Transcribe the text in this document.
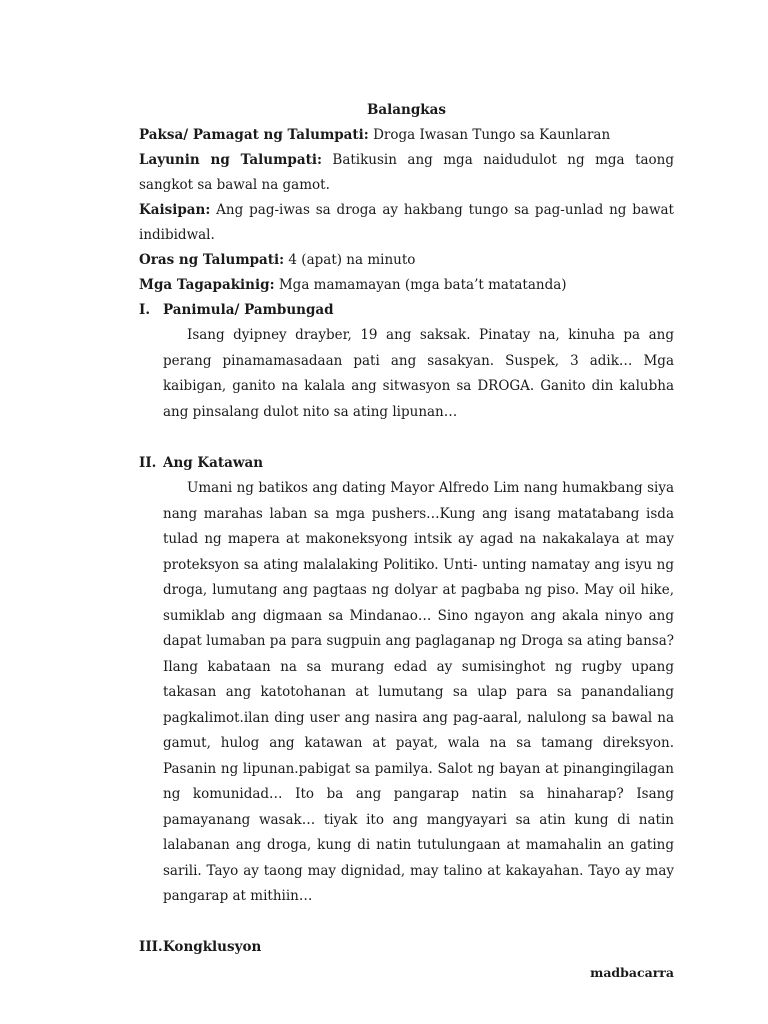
Balangkas

Paksa/ Pamagat ng Talumpati: Droga Iwasan Tungo sa Kaunlaran

Layunin ng Talumpati: Batikusin ang mga naidudulot ng mga taong sangkot sa bawal na gamot.

Kaisipan: Ang pag-iwas sa droga ay hakbang tungo sa pag-unlad ng bawat indibidwal.

Oras ng Talumpati: 4 (apat) na minuto

Mga Tagapakinig: Mga mamamayan (mga bata’t matatanda)

I. Panimula/ Pambungad

Isang dyipney drayber, 19 ang saksak. Pinatay na, kinuha pa ang perang pinamamasadaan pati ang sasakyan. Suspek, 3 adik… Mga kaibigan, ganito na kalala ang sitwasyon sa DROGA. Ganito din kalubha ang pinsalang dulot nito sa ating lipunan…

II. Ang Katawan

Umani ng batikos ang dating Mayor Alfredo Lim nang humakbang siya nang marahas laban sa mga pushers…Kung ang isang matatabang isda tulad ng mapera at makoneksyong intsik ay agad na nakakalaya at may proteksyon sa ating malalaking Politiko. Unti- unting namatay ang isyu ng droga, lumutang ang pagtaas ng dolyar at pagbaba ng piso. May oil hike, sumiklab ang digmaan sa Mindanao… Sino ngayon ang akala ninyo ang dapat lumaban pa para sugpuin ang paglaganap ng Droga sa ating bansa? Ilang kabataan na sa murang edad ay sumisinghot ng rugby upang takasan ang katotohanan at lumutang sa ulap para sa panandaliang pagkalimot.ilan ding user ang nasira ang pag-aaral, nalulong sa bawal na gamut, hulog ang katawan at payat, wala na sa tamang direksyon. Pasanin ng lipunan.pabigat sa pamilya. Salot ng bayan at pinangingilagan ng komunidad… Ito ba ang pangarap natin sa hinaharap? Isang pamayanang wasak… tiyak ito ang mangyayari sa atin kung di natin lalabanan ang droga, kung di natin tutulungaan at mamahalin an gating sarili. Tayo ay taong may dignidad, may talino at kakayahan. Tayo ay may pangarap at mithiin…

III. Kongklusyon
madbacarra
